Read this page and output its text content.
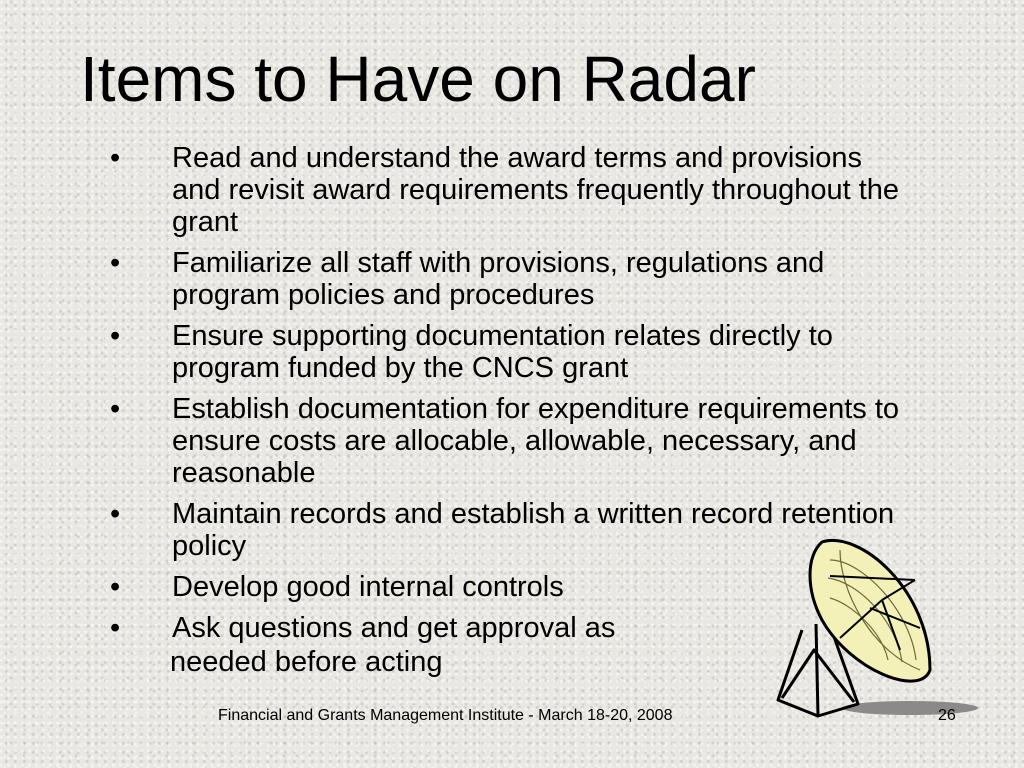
Items to Have on Radar
•	Read and understand the award terms and provisions and revisit award requirements frequently throughout the grant
•	Familiarize all staff with provisions, regulations and program policies and procedures
•	Ensure supporting documentation relates directly to program funded by the CNCS grant
•	Establish documentation for expenditure requirements to ensure costs are allocable, allowable, necessary, and reasonable
•	Maintain records and establish a written record retention policy
•	Develop good internal controls
•	Ask questions and get approval as
needed before acting
Financial and Grants Management Institute - March 18-20, 2008	26
